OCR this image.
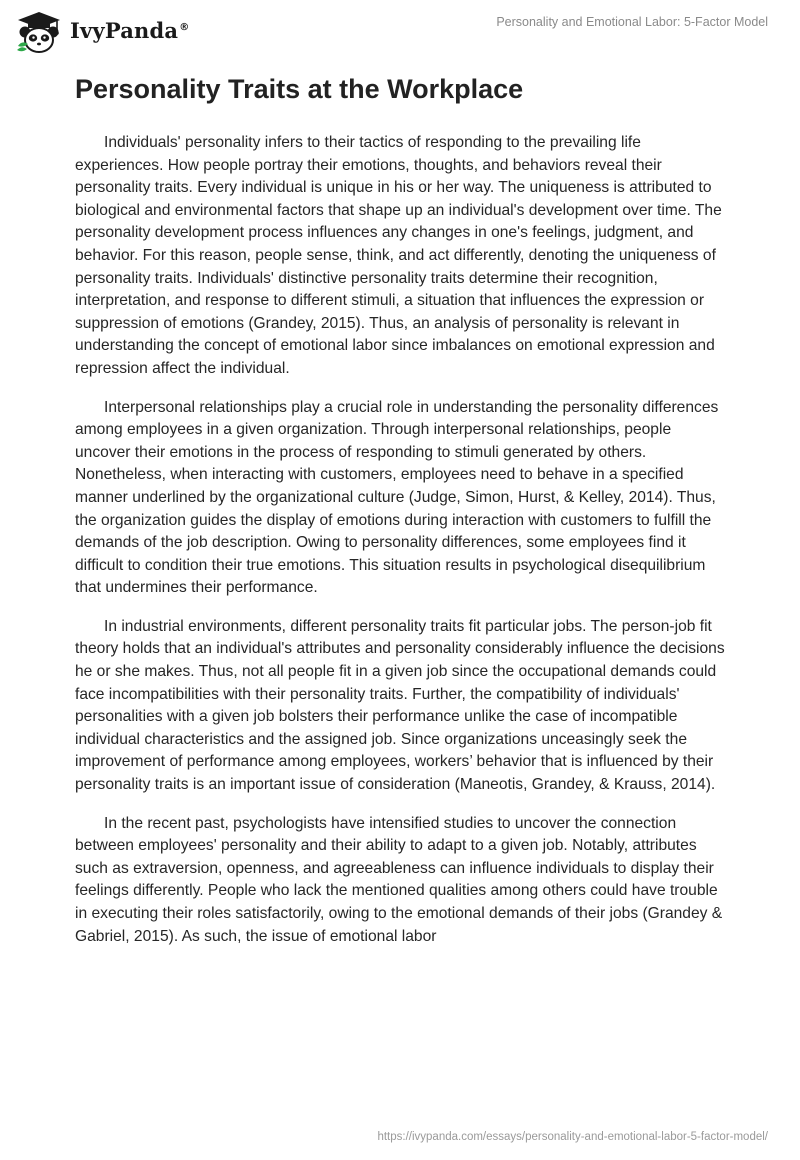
IvyPanda®	Personality and Emotional Labor: 5-Factor Model
Personality Traits at the Workplace

Individuals' personality infers to their tactics of responding to the prevailing life experiences. How people portray their emotions, thoughts, and behaviors reveal their personality traits. Every individual is unique in his or her way. The uniqueness is attributed to biological and environmental factors that shape up an individual's development over time. The personality development process influences any changes in one's feelings, judgment, and behavior. For this reason, people sense, think, and act differently, denoting the uniqueness of personality traits. Individuals' distinctive personality traits determine their recognition, interpretation, and response to different stimuli, a situation that influences the expression or suppression of emotions (Grandey, 2015). Thus, an analysis of personality is relevant in understanding the concept of emotional labor since imbalances on emotional expression and repression affect the individual.

Interpersonal relationships play a crucial role in understanding the personality differences among employees in a given organization. Through interpersonal relationships, people uncover their emotions in the process of responding to stimuli generated by others. Nonetheless, when interacting with customers, employees need to behave in a specified manner underlined by the organizational culture (Judge, Simon, Hurst, & Kelley, 2014). Thus, the organization guides the display of emotions during interaction with customers to fulfill the demands of the job description. Owing to personality differences, some employees find it difficult to condition their true emotions. This situation results in psychological disequilibrium that undermines their performance.

In industrial environments, different personality traits fit particular jobs. The person-job fit theory holds that an individual's attributes and personality considerably influence the decisions he or she makes. Thus, not all people fit in a given job since the occupational demands could face incompatibilities with their personality traits. Further, the compatibility of individuals' personalities with a given job bolsters their performance unlike the case of incompatible individual characteristics and the assigned job. Since organizations unceasingly seek the improvement of performance among employees, workers’ behavior that is influenced by their personality traits is an important issue of consideration (Maneotis, Grandey, & Krauss, 2014).

In the recent past, psychologists have intensified studies to uncover the connection between employees' personality and their ability to adapt to a given job. Notably, attributes such as extraversion, openness, and agreeableness can influence individuals to display their feelings differently. People who lack the mentioned qualities among others could have trouble in executing their roles satisfactorily, owing to the emotional demands of their jobs (Grandey & Gabriel, 2015). As such, the issue of emotional labor

https://ivypanda.com/essays/personality-and-emotional-labor-5-factor-model/
